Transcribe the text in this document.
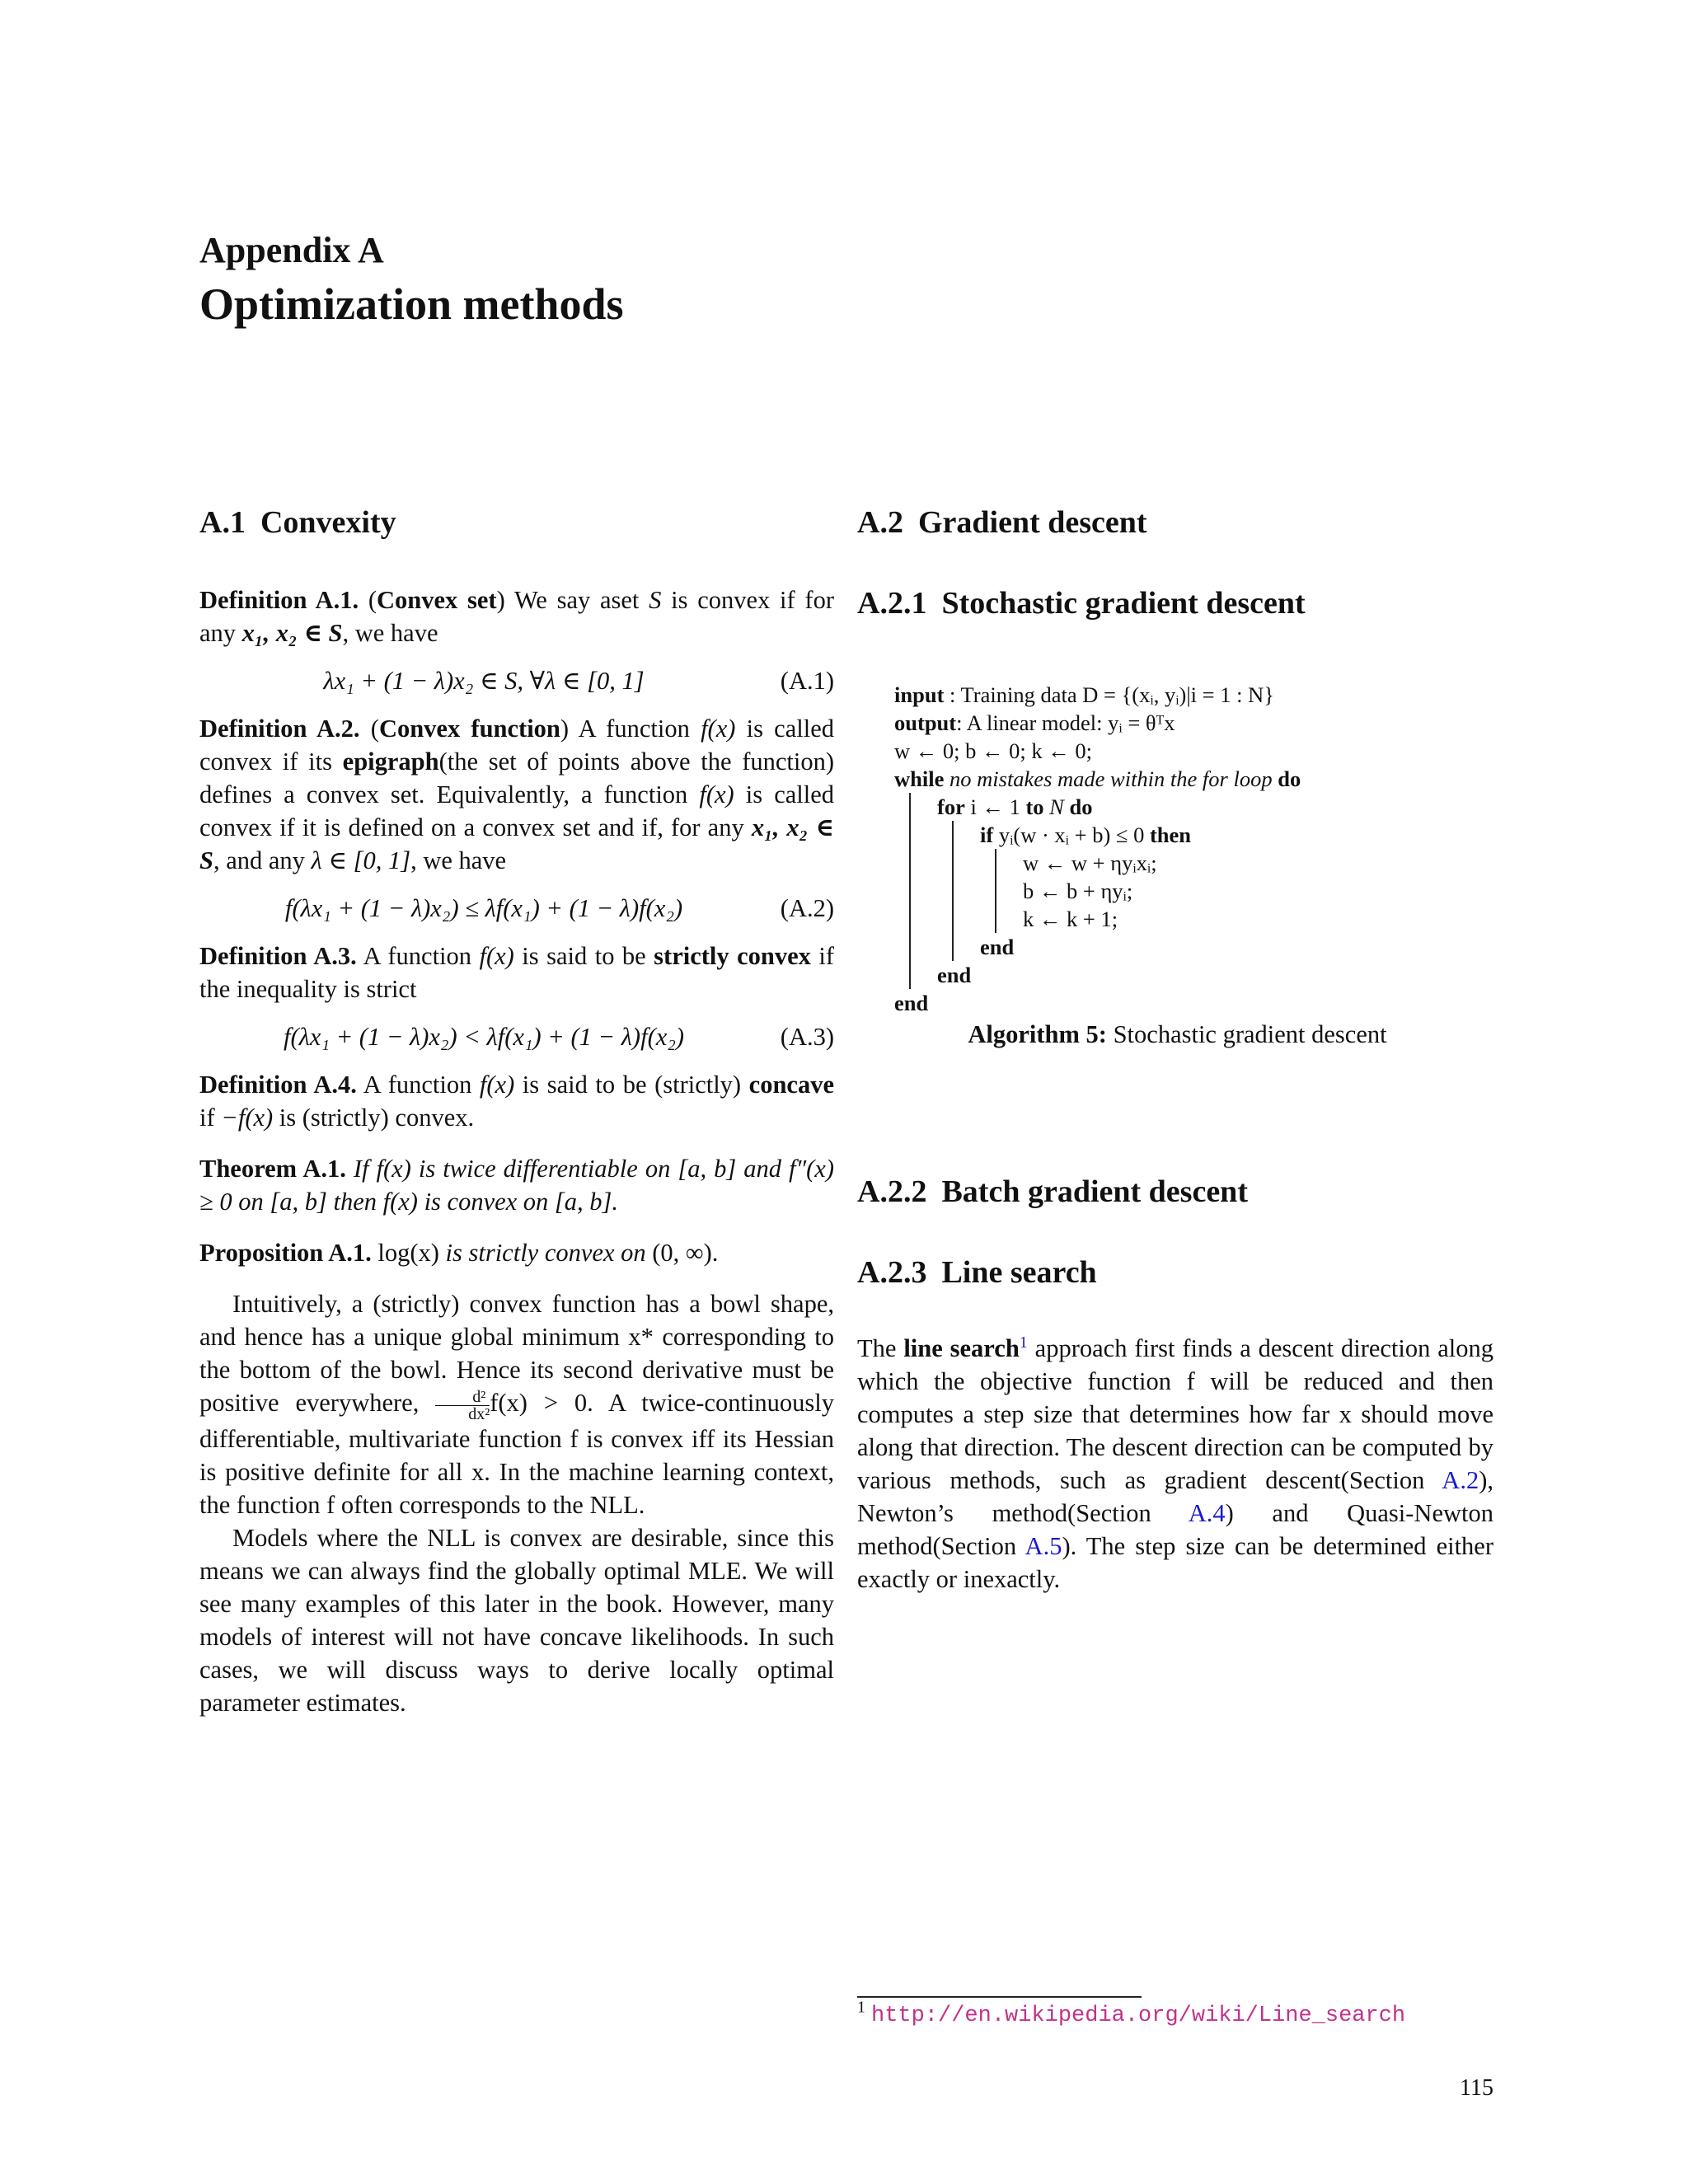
Appendix A
Optimization methods
A.1 Convexity

Definition A.1. (Convex set) We say aset S is convex if for any x₁, x₂ ∈ S, we have

λx₁ + (1 − λ)x₂ ∈ S, ∀λ ∈ [0, 1]	(A.1)

Definition A.2. (Convex function) A function f(x) is called convex if its epigraph(the set of points above the function) defines a convex set. Equivalently, a function f(x) is called convex if it is defined on a convex set and if, for any x₁, x₂ ∈ S, and any λ ∈ [0, 1], we have

f(λx₁ + (1 − λ)x₂) ≤ λf(x₁) + (1 − λ)f(x₂)	(A.2)

Definition A.3. A function f(x) is said to be strictly convex if the inequality is strict

f(λx₁ + (1 − λ)x₂) < λf(x₁) + (1 − λ)f(x₂)	(A.3)

Definition A.4. A function f(x) is said to be (strictly) concave if −f(x) is (strictly) convex.

Theorem A.1. If f(x) is twice differentiable on [a, b] and f″(x) ≥ 0 on [a, b] then f(x) is convex on [a, b].

Proposition A.1. log(x) is strictly convex on (0, ∞).

Intuitively, a (strictly) convex function has a bowl shape, and hence has a unique global minimum x* corresponding to the bottom of the bowl. Hence its second derivative must be positive everywhere, $\frac{\text{d²}}{\text{dx²}} f(x) > 0$. A twice-continuously differentiable, multivariate function f is convex iff its Hessian is positive definite for all x. In the machine learning context, the function f often corresponds to the NLL.

Models where the NLL is convex are desirable, since this means we can always find the globally optimal MLE. We will see many examples of this later in the book. However, many models of interest will not have concave likelihoods. In such cases, we will discuss ways to derive locally optimal parameter estimates.

A.2 Gradient descent
A.2.1 Stochastic gradient descent
input : Training data D = {(xᵢ, yᵢ)|i = 1 : N}
output: A linear model: yᵢ = θᵀx
w ← 0; b ← 0; k ← 0;
while no mistakes made within the for loop do
for i ← 1 to N do
if yᵢ(w · xᵢ + b) ≤ 0 then
w ← w + ηyᵢxᵢ;
b ← b + ηyᵢ;
k ← k + 1;
end
end
end
Algorithm 5: Stochastic gradient descent
A.2.2 Batch gradient descent
A.2.3 Line search

The line search$^1$ approach first finds a descent direction along which the objective function f will be reduced and then computes a step size that determines how far x should move along that direction. The descent direction can be computed by various methods, such as gradient descent(Section A.2), Newton’s method(Section A.4) and Quasi-Newton method(Section A.5). The step size can be determined either exactly or inexactly.

$^1$ http://en.wikipedia.org/wiki/Line_search
115
